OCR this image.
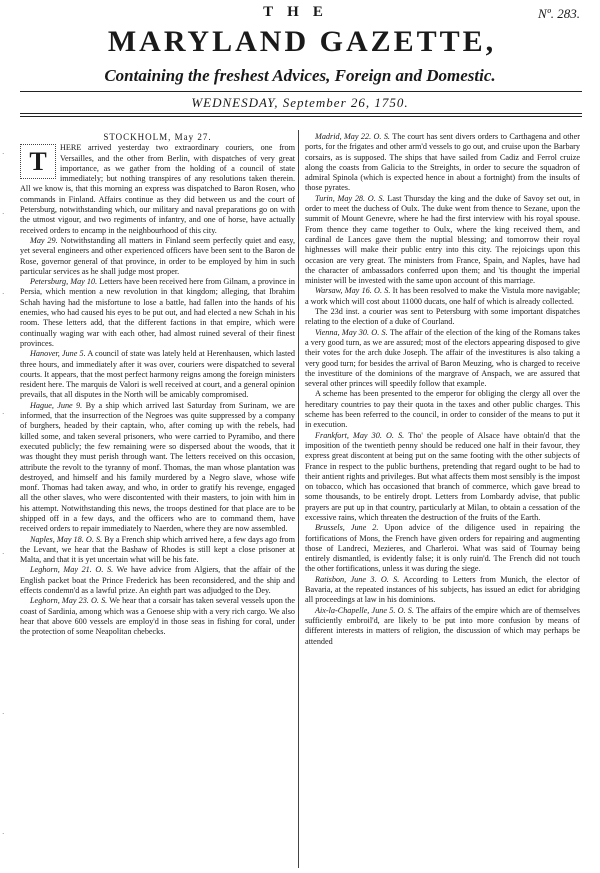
·
·
·
·
·
·
·
THE	Nº. 283.
MARYLAND GAZETTE,
Containing the freshest Advices, Foreign and Domestic.
WEDNESDAY, September 26, 1750.
STOCKHOLM, May 27.
T	HERE arrived yesterday two extraordinary couriers, one from Versailles, and the other from Berlin, with dispatches of very great importance, as we gather from the holding of a council of state immediately; but nothing transpires of any resolutions taken therein. All we know is, that this morning an express was dispatched to Baron Rosen, who commands in Finland. Affairs continue as they did between us and the court of Petersburg, notwithstanding which, our military and naval preparations go on with the utmost vigour, and two regiments of infantry, and one of horse, have actually received orders to encamp in the neighbourhood of this city.

May 29. Notwithstanding all matters in Finland seem perfectly quiet and easy, yet several engineers and other experienced officers have been sent to the Baron de Rose, governor general of that province, in order to be employed by him in such particular services as he shall judge most proper.

Petersburg, May 10. Letters have been received here from Gilnam, a province in Persia, which mention a new revolution in that kingdom; alleging, that Ibrahim Schah having had the misfortune to lose a battle, had fallen into the hands of his enemies, who had caused his eyes to be put out, and had elected a new Schah in his room. These letters add, that the different factions in that empire, which were continually waging war with each other, had almost ruined several of their finest provinces.

Hanover, June 5. A council of state was lately held at Herenhausen, which lasted three hours, and immediately after it was over, couriers were dispatched to several courts. It appears, that the most perfect harmony reigns among the foreign ministers resident here. The marquis de Valori is well received at court, and a general opinion prevails, that all disputes in the North will be amicably compromised.

Hague, June 9. By a ship which arrived last Saturday from Surinam, we are informed, that the insurrection of the Negroes was quite suppressed by a company of burghers, headed by their captain, who, after coming up with the rebels, had killed some, and taken several prisoners, who were carried to Pyramibo, and there executed publicly; the few remaining were so dispersed about the woods, that it was thought they must perish through want. The letters received on this occasion, attribute the revolt to the tyranny of monf. Thomas, the man whose plantation was destroyed, and himself and his family murdered by a Negro slave, whose wife monf. Thomas had taken away, and who, in order to gratify his revenge, engaged all the other slaves, who were discontented with their masters, to join with him in his attempt. Notwithstanding this news, the troops destined for that place are to be shipped off in a few days, and the officers who are to command them, have received orders to repair immediately to Naerden, where they are now assembled.

Naples, May 18. O. S. By a French ship which arrived here, a few days ago from the Levant, we hear that the Bashaw of Rhodes is still kept a close prisoner at Malta, and that it is yet uncertain what will be his fate.

Leghorn, May 21. O. S. We have advice from Algiers, that the affair of the English packet boat the Prince Frederick has been reconsidered, and the ship and effects condemn'd as a lawful prize. An eighth part was adjudged to the Dey.

Leghorn, May 23. O. S. We hear that a corsair has taken several vessels upon the coast of Sardinia, among which was a Genoese ship with a very rich cargo. We also hear that above 600 vessels are employ'd in those seas in fishing for coral, under the protection of some Neapolitan chebecks.

Madrid, May 22. O. S. The court has sent divers orders to Carthagena and other ports, for the frigates and other arm'd vessels to go out, and cruise upon the Barbary corsairs, as is supposed. The ships that have sailed from Cadiz and Ferrol cruize along the coasts from Galicia to the Streights, in order to secure the squadron of admiral Spinola (which is expected hence in about a fortnight) from the insults of those pyrates.

Turin, May 28. O. S. Last Thursday the king and the duke of Savoy set out, in order to meet the duchess of Oulx. The duke went from thence to Sezane, upon the summit of Mount Genevre, where he had the first interview with his royal spouse. From thence they came together to Oulx, where the king received them, and cardinal de Lances gave them the nuptial blessing; and tomorrow their royal highnesses will make their public entry into this city. The rejoicings upon this occasion are very great. The ministers from France, Spain, and Naples, have had the character of ambassadors conferred upon them; and 'tis thought the imperial minister will be invested with the same upon account of this marriage.

Warsaw, May 16. O. S. It has been resolved to make the Vistula more navigable; a work which will cost about 11000 ducats, one half of which is already collected.

The 23d inst. a courier was sent to Petersburg with some important dispatches relating to the election of a duke of Courland.

Vienna, May 30. O. S. The affair of the election of the king of the Romans takes a very good turn, as we are assured; most of the electors appearing disposed to give their votes for the arch duke Joseph. The affair of the investitures is also taking a very good turn; for besides the arrival of Baron Meuzing, who is charged to receive the investiture of the dominions of the margrave of Anspach, we are assured that several other princes will speedily follow that example.

A scheme has been presented to the emperor for obliging the clergy all over the hereditary countries to pay their quota in the taxes and other public charges. This scheme has been referred to the council, in order to consider of the means to put it in execution.

Frankfort, May 30. O. S. Tho' the people of Alsace have obtain'd that the imposition of the twentieth penny should be reduced one half in their favour, they express great discontent at being put on the same footing with the other subjects of France in respect to the public burthens, pretending that regard ought to be had to their antient rights and privileges. But what affects them most sensibly is the impost on tobacco, which has occasioned that branch of commerce, which gave bread to some thousands, to be entirely dropt. Letters from Lombardy advise, that public prayers are put up in that country, particularly at Milan, to obtain a cessation of the excessive rains, which threaten the destruction of the fruits of the Earth.

Brussels, June 2. Upon advice of the diligence used in repairing the fortifications of Mons, the French have given orders for repairing and augmenting those of Landreci, Mezieres, and Charleroi. What was said of Tournay being entirely dismantled, is evidently false; it is only ruin'd. The French did not touch the other fortifications, unless it was during the siege.

Ratisbon, June 3. O. S. According to Letters from Munich, the elector of Bavaria, at the repeated instances of his subjects, has issued an edict for abridging all proceedings at law in his dominions.

Aix-la-Chapelle, June 5. O. S. The affairs of the empire which are of themselves sufficiently embroil'd, are likely to be put into more confusion by means of different interests in matters of religion, the discussion of which may perhaps be attended
